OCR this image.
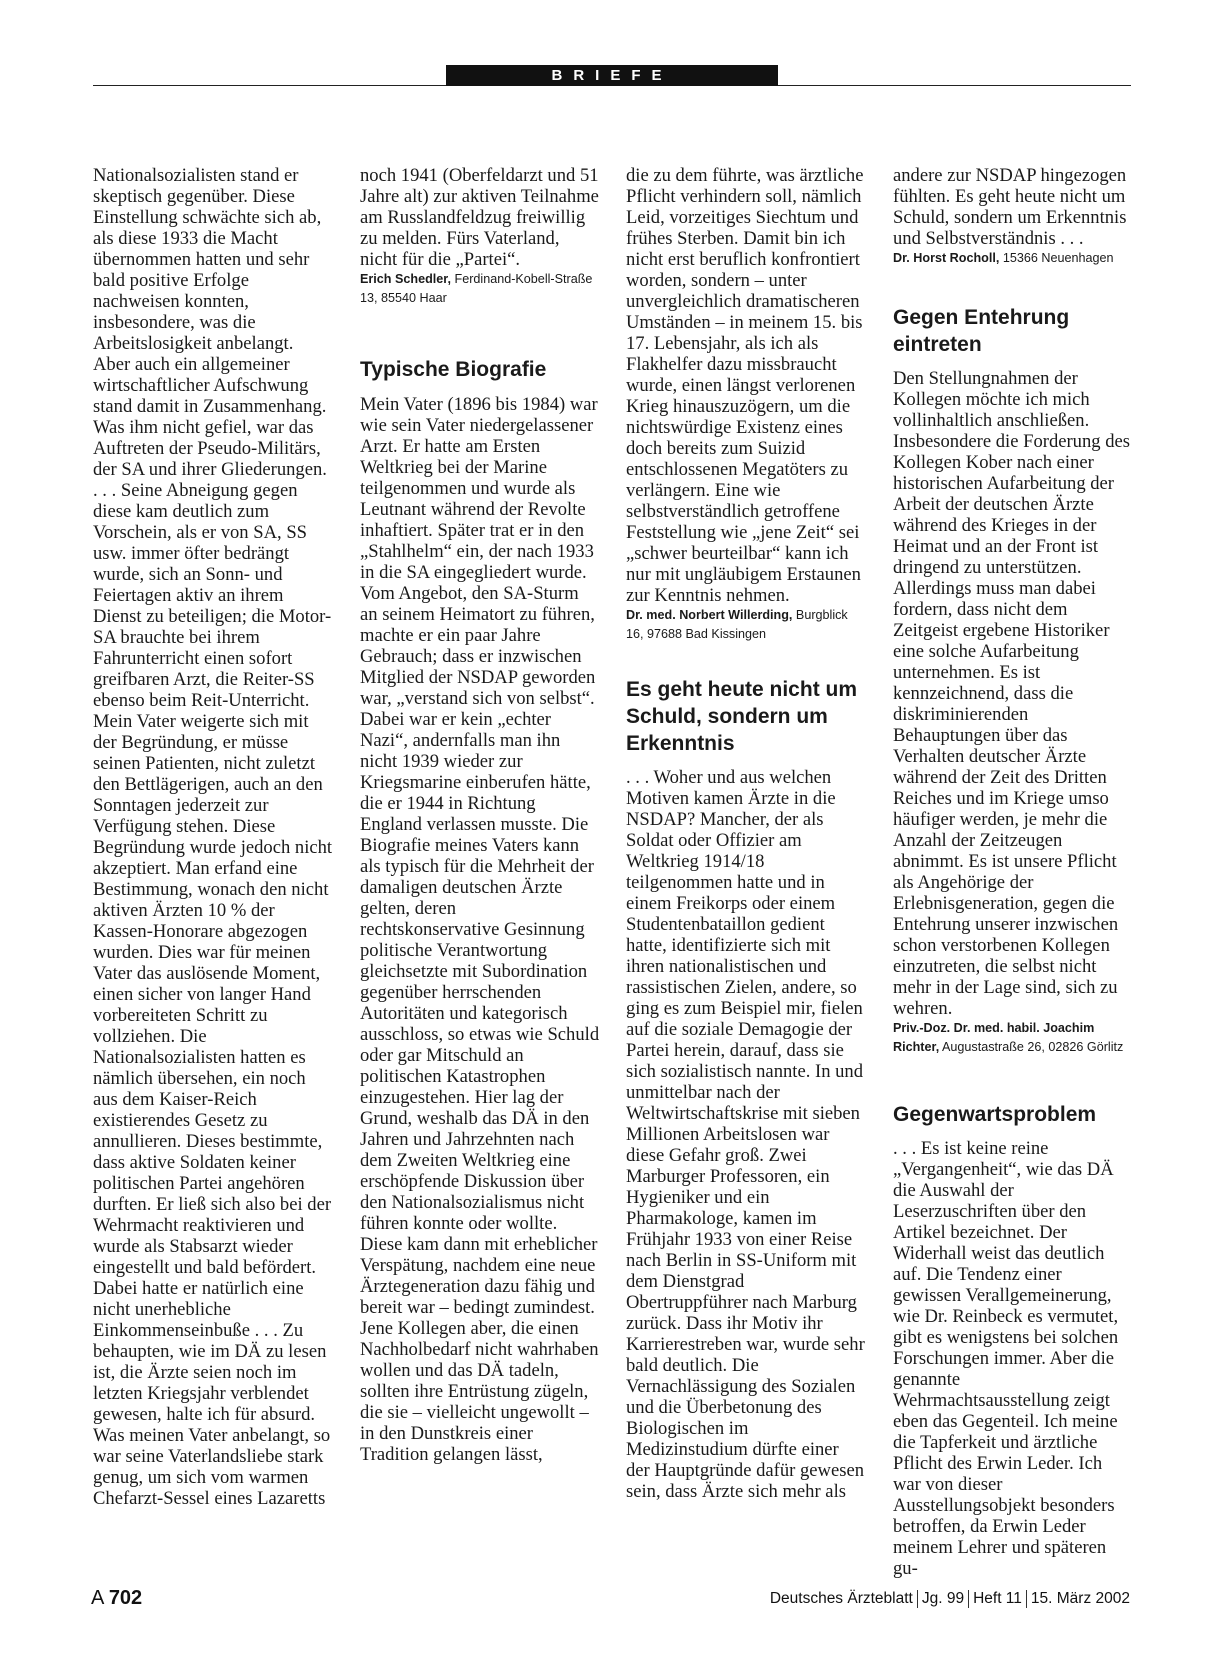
BRIEFE

Nationalsozialisten stand er skeptisch gegenüber. Diese Einstellung schwächte sich ab, als diese 1933 die Macht übernommen hatten und sehr bald positive Erfolge nachweisen konnten, insbesondere, was die Arbeitslosigkeit anbelangt. Aber auch ein allgemeiner wirtschaftlicher Aufschwung stand damit in Zusammenhang. Was ihm nicht gefiel, war das Auftreten der Pseudo-Militärs, der SA und ihrer Gliederungen. . . . Seine Abneigung gegen diese kam deutlich zum Vorschein, als er von SA, SS usw. immer öfter bedrängt wurde, sich an Sonn- und Feiertagen aktiv an ihrem Dienst zu beteiligen; die Motor-SA brauchte bei ihrem Fahrunterricht einen sofort greifbaren Arzt, die Reiter-SS ebenso beim Reit-Unterricht. Mein Vater weigerte sich mit der Begründung, er müsse seinen Patienten, nicht zuletzt den Bettlägerigen, auch an den Sonntagen jederzeit zur Verfügung stehen. Diese Begründung wurde jedoch nicht akzeptiert. Man erfand eine Bestimmung, wonach den nicht aktiven Ärzten 10 % der Kassen-Honorare abgezogen wurden. Dies war für meinen Vater das auslösende Moment, einen sicher von langer Hand vorbereiteten Schritt zu vollziehen. Die Nationalsozialisten hatten es nämlich übersehen, ein noch aus dem Kaiser-Reich existierendes Gesetz zu annullieren. Dieses bestimmte, dass aktive Soldaten keiner politischen Partei angehören durften. Er ließ sich also bei der Wehrmacht reaktivieren und wurde als Stabsarzt wieder eingestellt und bald befördert. Dabei hatte er natürlich eine nicht unerhebliche Einkommenseinbuße . . . Zu behaupten, wie im DÄ zu lesen ist, die Ärzte seien noch im letzten Kriegsjahr verblendet gewesen, halte ich für absurd. Was meinen Vater anbelangt, so war seine Vaterlandsliebe stark genug, um sich vom warmen Chefarzt-Sessel eines Lazaretts

noch 1941 (Oberfeldarzt und 51 Jahre alt) zur aktiven Teilnahme am Russlandfeldzug freiwillig zu melden. Fürs Vaterland, nicht für die „Partei“.

Erich Schedler, Ferdinand-Kobell-Straße 13, 85540 Haar

Typische Biografie

Mein Vater (1896 bis 1984) war wie sein Vater niedergelassener Arzt. Er hatte am Ersten Weltkrieg bei der Marine teilgenommen und wurde als Leutnant während der Revolte inhaftiert. Später trat er in den „Stahlhelm“ ein, der nach 1933 in die SA eingegliedert wurde. Vom Angebot, den SA-Sturm an seinem Heimatort zu führen, machte er ein paar Jahre Gebrauch; dass er inzwischen Mitglied der NSDAP geworden war, „verstand sich von selbst“. Dabei war er kein „echter Nazi“, andernfalls man ihn nicht 1939 wieder zur Kriegsmarine einberufen hätte, die er 1944 in Richtung England verlassen musste. Die Biografie meines Vaters kann als typisch für die Mehrheit der damaligen deutschen Ärzte gelten, deren rechtskonservative Gesinnung politische Verantwortung gleichsetzte mit Subordination gegenüber herrschenden Autoritäten und kategorisch ausschloss, so etwas wie Schuld oder gar Mitschuld an politischen Katastrophen einzugestehen. Hier lag der Grund, weshalb das DÄ in den Jahren und Jahrzehnten nach dem Zweiten Weltkrieg eine erschöpfende Diskussion über den Nationalsozialismus nicht führen konnte oder wollte. Diese kam dann mit erheblicher Verspätung, nachdem eine neue Ärztegeneration dazu fähig und bereit war – bedingt zumindest. Jene Kollegen aber, die einen Nachholbedarf nicht wahrhaben wollen und das DÄ tadeln, sollten ihre Entrüstung zügeln, die sie – vielleicht ungewollt – in den Dunstkreis einer Tradition gelangen lässt,

die zu dem führte, was ärztliche Pflicht verhindern soll, nämlich Leid, vorzeitiges Siechtum und frühes Sterben. Damit bin ich nicht erst beruflich konfrontiert worden, sondern – unter unvergleichlich dramatischeren Umständen – in meinem 15. bis 17. Lebensjahr, als ich als Flakhelfer dazu missbraucht wurde, einen längst verlorenen Krieg hinauszuzögern, um die nichtswürdige Existenz eines doch bereits zum Suizid entschlossenen Megatöters zu verlängern. Eine wie selbstverständlich getroffene Feststellung wie „jene Zeit“ sei „schwer beurteilbar“ kann ich nur mit ungläubigem Erstaunen zur Kenntnis nehmen.

Dr. med. Norbert Willerding, Burgblick 16, 97688 Bad Kissingen

Es geht heute nicht um Schuld, sondern um Erkenntnis

. . . Woher und aus welchen Motiven kamen Ärzte in die NSDAP? Mancher, der als Soldat oder Offizier am Weltkrieg 1914/18 teilgenommen hatte und in einem Freikorps oder einem Studentenbataillon gedient hatte, identifizierte sich mit ihren nationalistischen und rassistischen Zielen, andere, so ging es zum Beispiel mir, fielen auf die soziale Demagogie der Partei herein, darauf, dass sie sich sozialistisch nannte. In und unmittelbar nach der Weltwirtschaftskrise mit sieben Millionen Arbeitslosen war diese Gefahr groß. Zwei Marburger Professoren, ein Hygieniker und ein Pharmakologe, kamen im Frühjahr 1933 von einer Reise nach Berlin in SS-Uniform mit dem Dienstgrad Obertruppführer nach Marburg zurück. Dass ihr Motiv ihr Karrierestreben war, wurde sehr bald deutlich. Die Vernachlässigung des Sozialen und die Überbetonung des Biologischen im Medizinstudium dürfte einer der Hauptgründe dafür gewesen sein, dass Ärzte sich mehr als

andere zur NSDAP hingezogen fühlten. Es geht heute nicht um Schuld, sondern um Erkenntnis und Selbstverständnis . . .

Dr. Horst Rocholl, 15366 Neuenhagen

Gegen Entehrung eintreten

Den Stellungnahmen der Kollegen möchte ich mich vollinhaltlich anschließen. Insbesondere die Forderung des Kollegen Kober nach einer historischen Aufarbeitung der Arbeit der deutschen Ärzte während des Krieges in der Heimat und an der Front ist dringend zu unterstützen. Allerdings muss man dabei fordern, dass nicht dem Zeitgeist ergebene Historiker eine solche Aufarbeitung unternehmen. Es ist kennzeichnend, dass die diskriminierenden Behauptungen über das Verhalten deutscher Ärzte während der Zeit des Dritten Reiches und im Kriege umso häufiger werden, je mehr die Anzahl der Zeitzeugen abnimmt. Es ist unsere Pflicht als Angehörige der Erlebnisgeneration, gegen die Entehrung unserer inzwischen schon verstorbenen Kollegen einzutreten, die selbst nicht mehr in der Lage sind, sich zu wehren.

Priv.-Doz. Dr. med. habil. Joachim Richter, Augustastraße 26, 02826 Görlitz

Gegenwartsproblem

. . . Es ist keine reine „Vergangenheit“, wie das DÄ die Auswahl der Leserzuschriften über den Artikel bezeichnet. Der Widerhall weist das deutlich auf. Die Tendenz einer gewissen Verallgemeinerung, wie Dr. Reinbeck es vermutet, gibt es wenigstens bei solchen Forschungen immer. Aber die genannte Wehrmachtsausstellung zeigt eben das Gegenteil. Ich meine die Tapferkeit und ärztliche Pflicht des Erwin Leder. Ich war von dieser Ausstellungsobjekt besonders betroffen, da Erwin Leder meinem Lehrer und späteren gu-

A 702	Deutsches Ärzteblatt Jg. 99 Heft 11 15. März 2002
